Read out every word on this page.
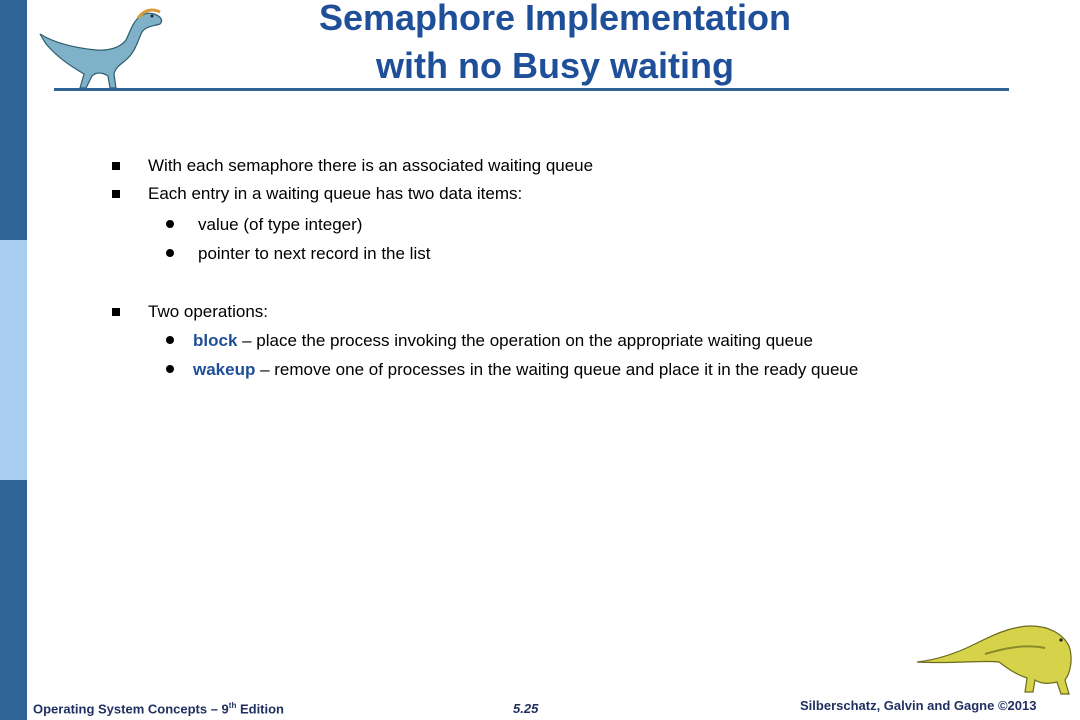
Semaphore Implementation
with no Busy waiting
With each semaphore there is an associated waiting queue
Each entry in a waiting queue has two data items:
value (of type integer)
pointer to next record in the list
Two operations:
block – place the process invoking the operation on the appropriate waiting queue
wakeup – remove one of processes in the waiting queue and place it in the ready queue
Operating System Concepts – 9th Edition	5.25	Silberschatz, Galvin and Gagne ©2013
